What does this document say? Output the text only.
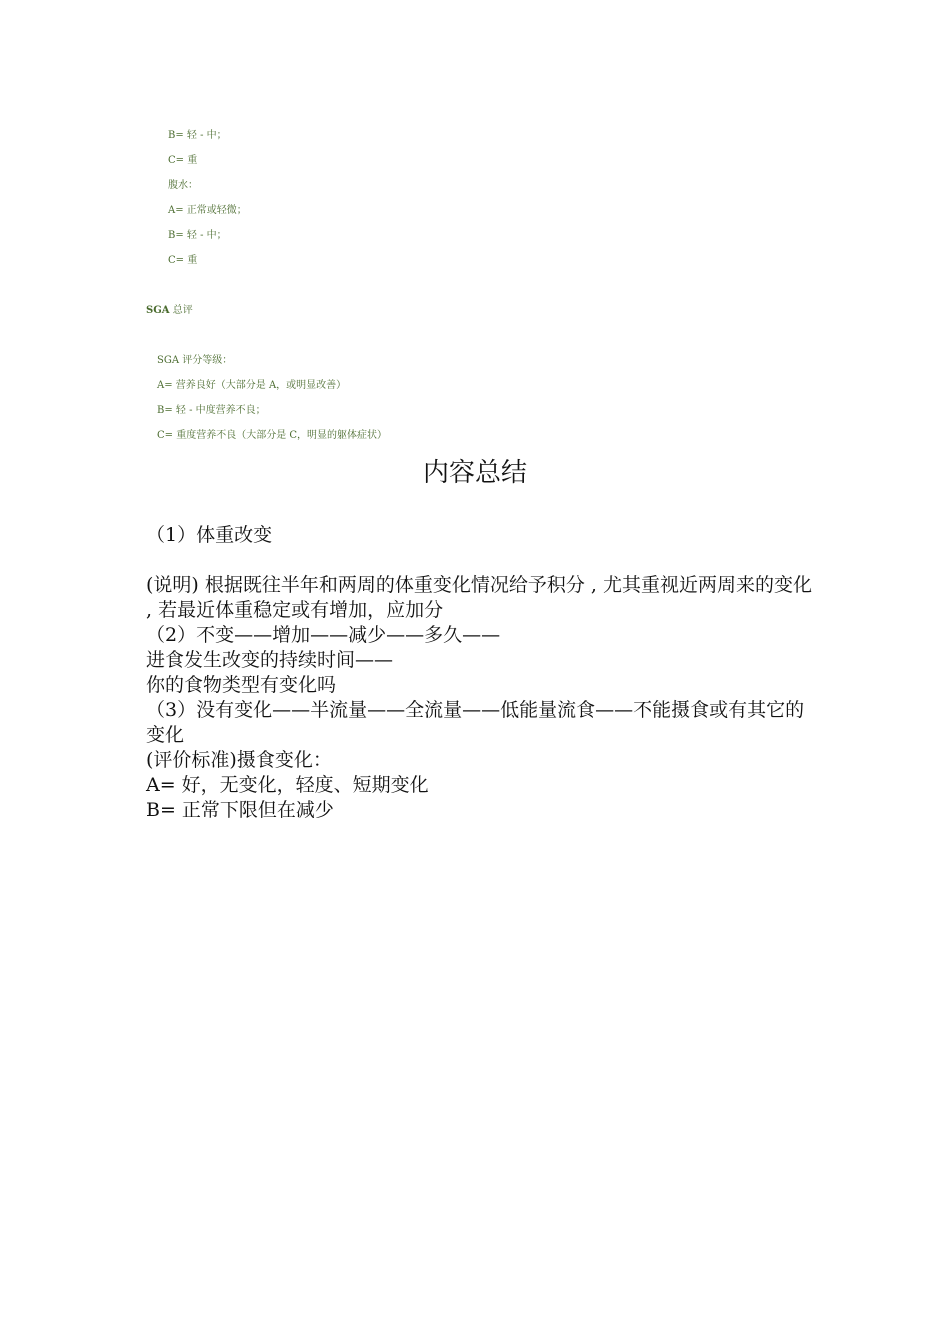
B= 轻 - 中；
C= 重
腹水：
A= 正常或轻微；
B= 轻 - 中；
C= 重
SGA 总评
SGA 评分等级：
A= 营养良好（大部分是 A，或明显改善）
B= 轻 - 中度营养不良；
C= 重度营养不良（大部分是 C，明显的躯体症状）
内容总结

（1）体重改变

(说明) 根据既往半年和两周的体重变化情况给予积分 , 尤其重视近两周来的变化 , 若最近体重稳定或有增加，应加分

（2）不变——增加——减少——多久——

进食发生改变的持续时间——

你的食物类型有变化吗

（3）没有变化——半流量——全流量——低能量流食——不能摄食或有其它的变化

(评价标准)摄食变化：

A= 好，无变化，轻度、短期变化

B= 正常下限但在减少
